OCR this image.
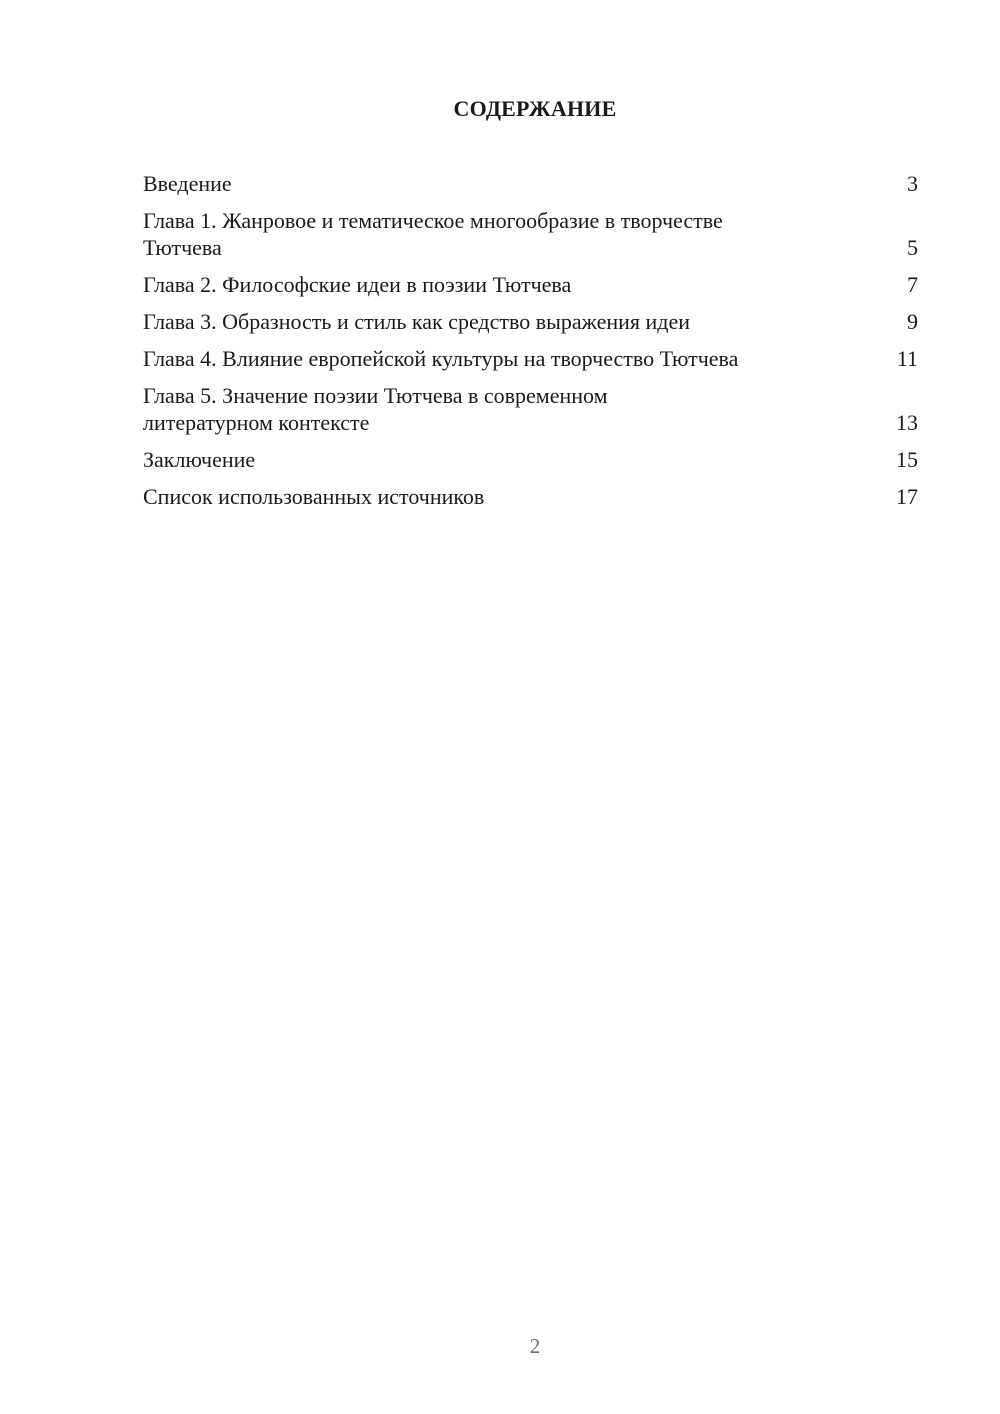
СОДЕРЖАНИЕ
Введение	3
Глава 1. Жанровое и тематическое многообразие в творчестве
Тютчева	5
Глава 2. Философские идеи в поэзии Тютчева	7
Глава 3. Образность и стиль как средство выражения идеи	9
Глава 4. Влияние европейской культуры на творчество Тютчева	11
Глава 5. Значение поэзии Тютчева в современном
литературном контексте	13
Заключение	15
Список использованных источников	17
2
